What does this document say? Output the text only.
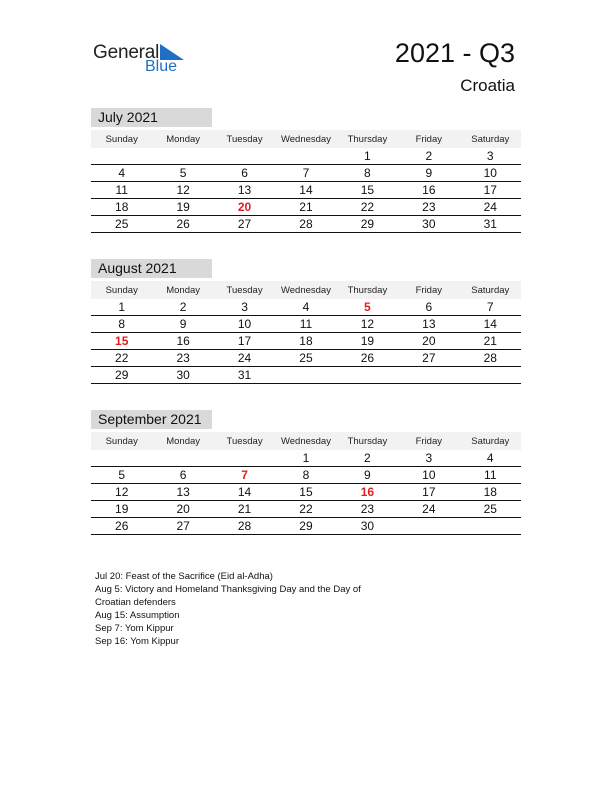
General
Blue	2021 - Q3
Croatia
July 2021
Sunday	Monday	Tuesday	Wednesday	Thursday	Friday	Saturday
				1	2	3
4	5	6	7	8	9	10
11	12	13	14	15	16	17
18	19	20	21	22	23	24
25	26	27	28	29	30	31
August 2021
Sunday	Monday	Tuesday	Wednesday	Thursday	Friday	Saturday
1	2	3	4	5	6	7
8	9	10	11	12	13	14
15	16	17	18	19	20	21
22	23	24	25	26	27	28
29	30	31				
September 2021
Sunday	Monday	Tuesday	Wednesday	Thursday	Friday	Saturday
			1	2	3	4
5	6	7	8	9	10	11
12	13	14	15	16	17	18
19	20	21	22	23	24	25
26	27	28	29	30		
Jul 20: Feast of the Sacrifice (Eid al-Adha)
Aug 5: Victory and Homeland Thanksgiving Day and the Day of
Croatian defenders
Aug 15: Assumption
Sep 7: Yom Kippur
Sep 16: Yom Kippur
